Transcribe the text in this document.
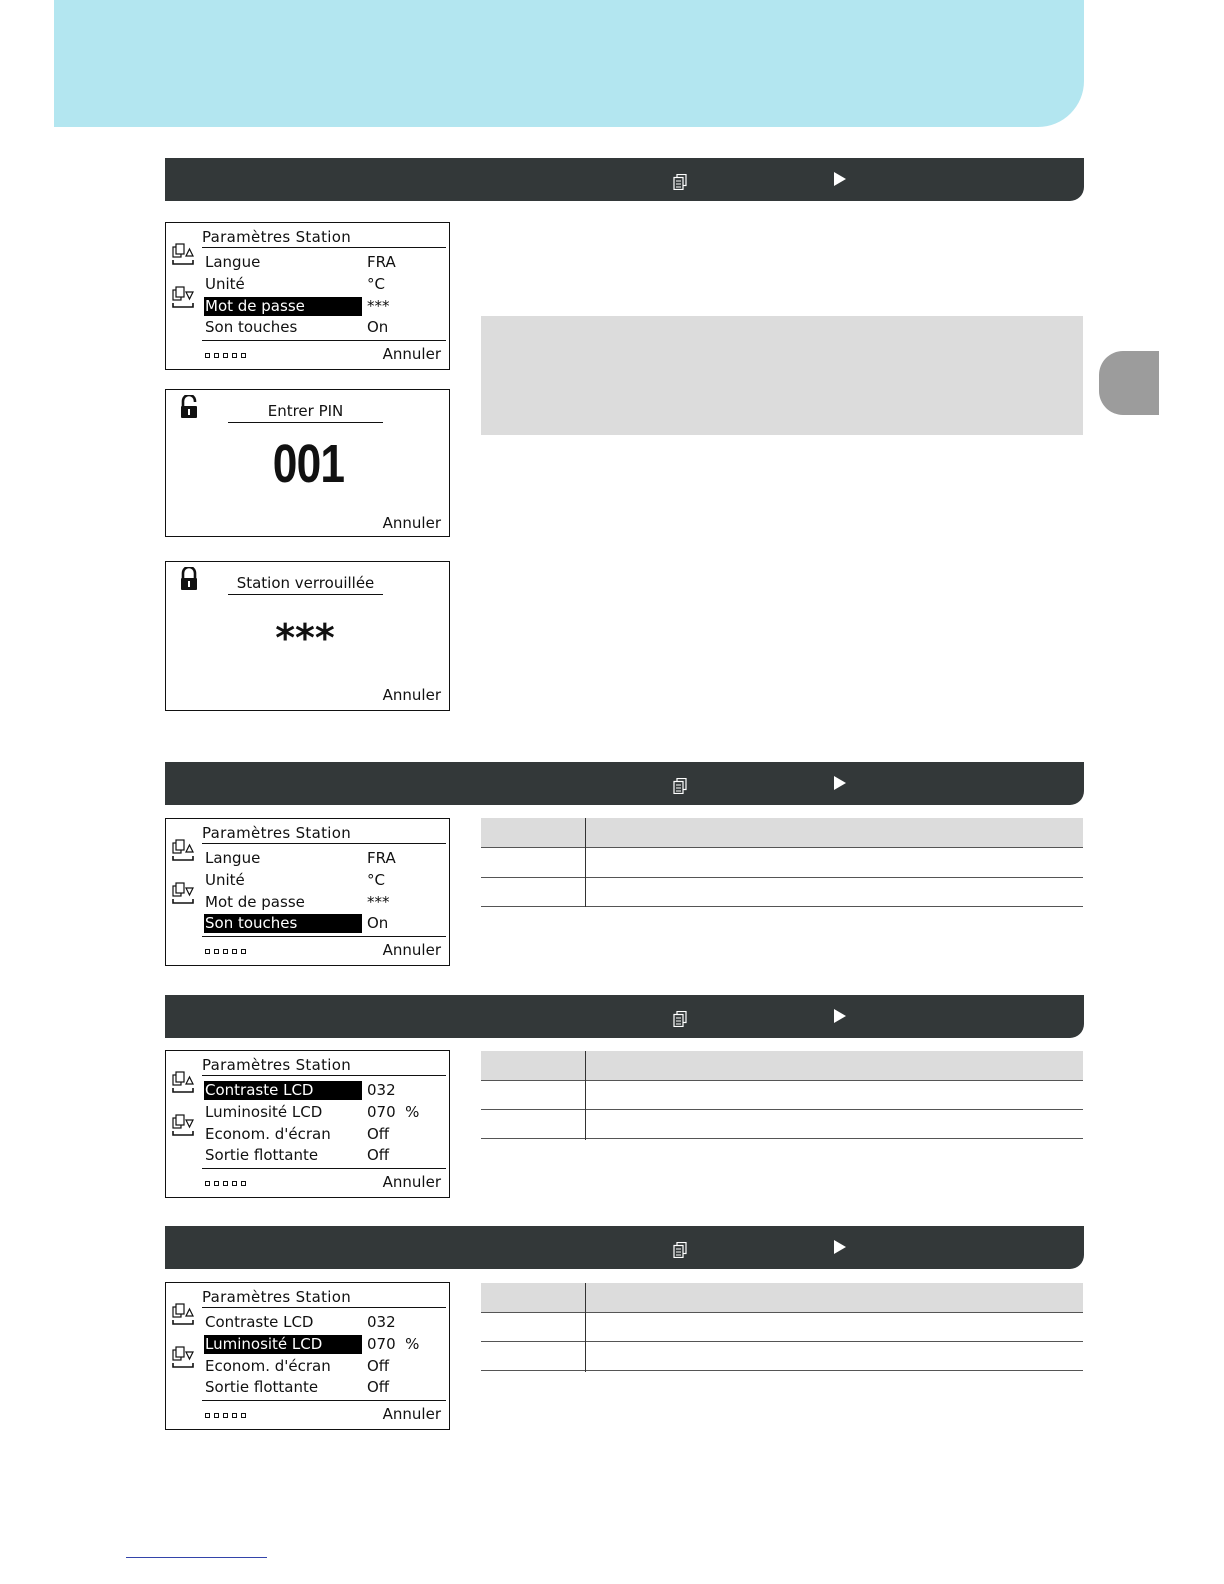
Paramètres Station
Langue	FRA
Unité	°C
Mot de passe	***
Son touches	On
Annuler
Entrer PIN
001
Annuler
Station verrouillée
***
Annuler
Paramètres Station
Langue	FRA
Unité	°C
Mot de passe	***
Son touches	On
Annuler
Paramètres Station
Contraste LCD	032
Luminosité LCD	070  %
Econom. d'écran	Off
Sortie flottante	Off
Annuler
Paramètres Station
Contraste LCD	032
Luminosité LCD	070  %
Econom. d'écran	Off
Sortie flottante	Off
Annuler
